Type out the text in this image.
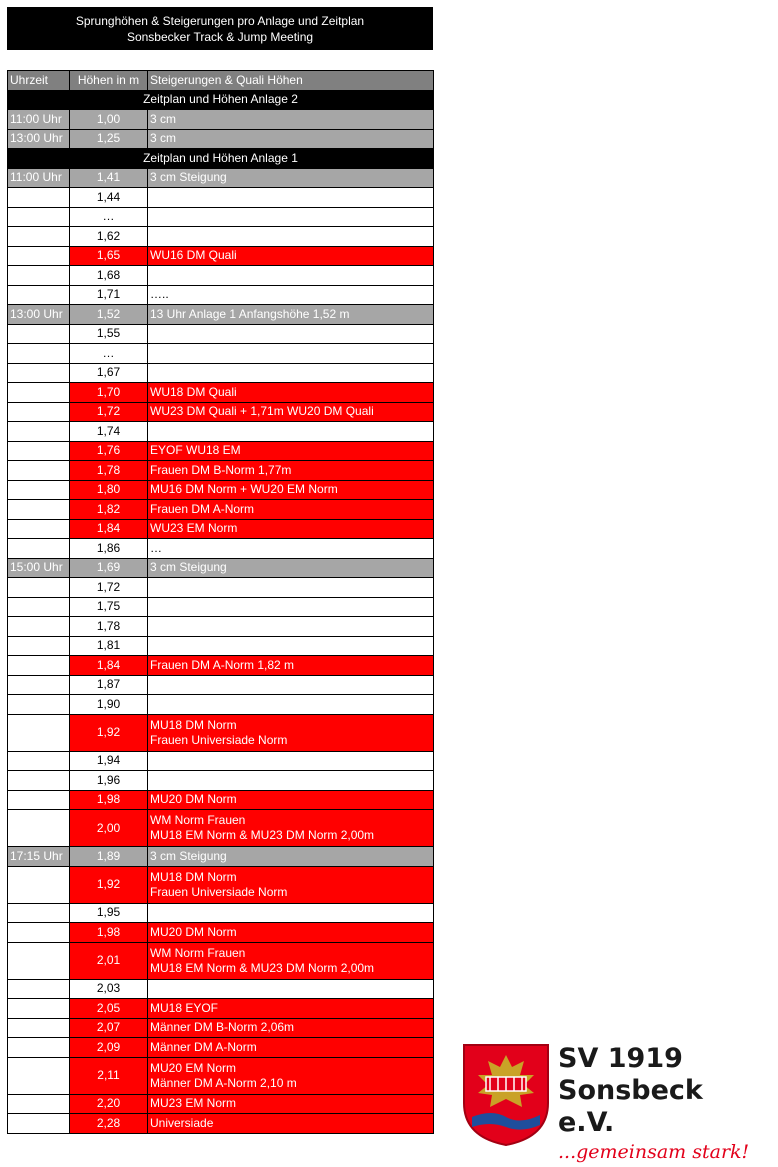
Sprunghöhen & Steigerungen pro Anlage und Zeitplan
Sonsbecker Track & Jump Meeting
Uhrzeit	Höhen in m	Steigerungen & Quali Höhen
Zeitplan und Höhen Anlage 2		
11:00 Uhr	1,00	3 cm

13:00 Uhr	1,25	3 cm

Zeitplan und Höhen Anlage 1		
11:00 Uhr	1,41	3 cm Steigung

	1,44	

	…	

	1,62	

	1,65	WU16 DM Quali

	1,68	

	1,71	…..

13:00 Uhr	1,52	13 Uhr Anlage 1 Anfangshöhe 1,52 m

	1,55	

	…	

	1,67	

	1,70	WU18 DM Quali

	1,72	WU23 DM Quali + 1,71m WU20 DM Quali

	1,74	

	1,76	EYOF WU18 EM

	1,78	Frauen DM B-Norm 1,77m

	1,80	MU16 DM Norm + WU20 EM Norm

	1,82	Frauen DM A-Norm

	1,84	WU23 EM Norm

	1,86	…

15:00 Uhr	1,69	3 cm Steigung

	1,72	

	1,75	

	1,78	

	1,81	

	1,84	Frauen DM A-Norm 1,82 m

	1,87	

	1,90	

	1,92	MU18 DM Norm
Frauen Universiade Norm

	1,94	

	1,96	

	1,98	MU20 DM Norm

	2,00	WM Norm Frauen
MU18 EM Norm & MU23 DM Norm 2,00m

17:15 Uhr	1,89	3 cm Steigung

	1,92	MU18 DM Norm
Frauen Universiade Norm

	1,95	

	1,98	MU20 DM Norm

	2,01	WM Norm Frauen
MU18 EM Norm & MU23 DM Norm 2,00m

	2,03	

	2,05	MU18 EYOF

	2,07	Männer DM B-Norm 2,06m

	2,09	Männer DM A-Norm

	2,11	MU20 EM Norm
Männer DM A-Norm 2,10 m

	2,20	MU23 EM Norm

	2,28	Universiade
SV 1919
Sonsbeck e.V.
...gemeinsam stark!
